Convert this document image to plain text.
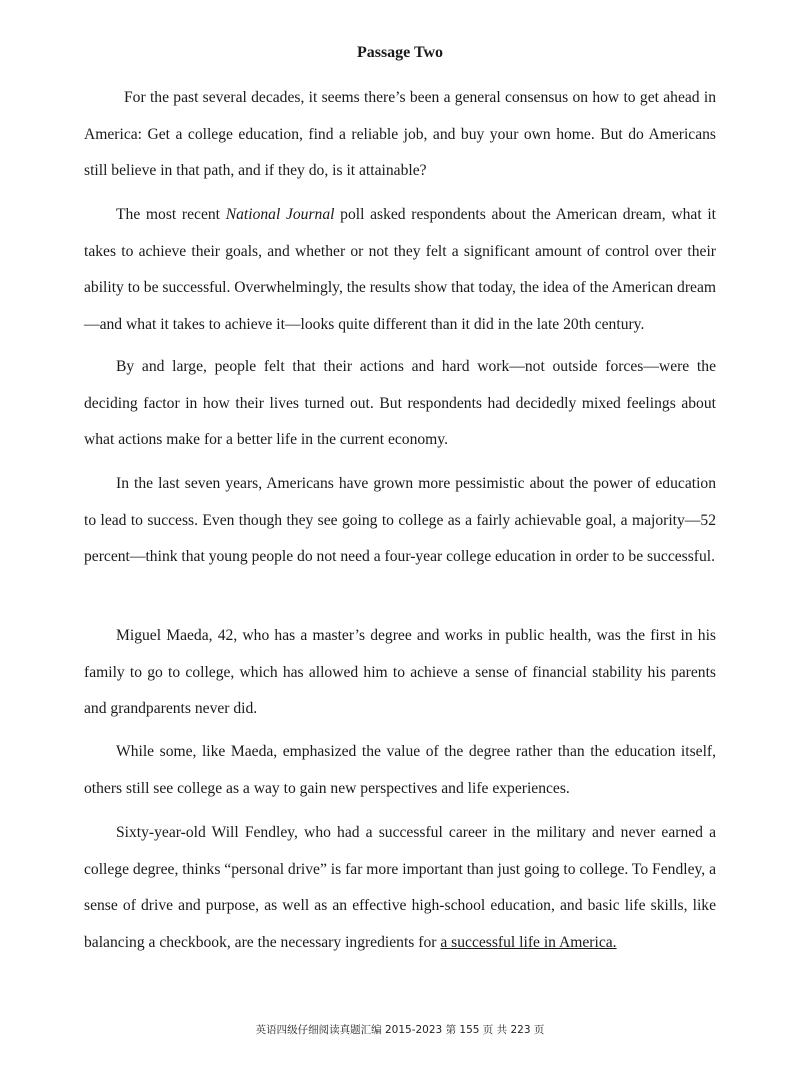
Passage Two

For the past several decades, it seems there’s been a general consensus on how to get ahead in America: Get a college education, find a reliable job, and buy your own home. But do Americans still believe in that path, and if they do, is it attainable?

The most recent National Journal poll asked respondents about the American dream, what it takes to achieve their goals, and whether or not they felt a significant amount of control over their ability to be successful. Overwhelmingly, the results show that today, the idea of the American dream—and what it takes to achieve it—looks quite different than it did in the late 20th century.

By and large, people felt that their actions and hard work—not outside forces—were the deciding factor in how their lives turned out. But respondents had decidedly mixed feelings about what actions make for a better life in the current economy.

In the last seven years, Americans have grown more pessimistic about the power of education to lead to success. Even though they see going to college as a fairly achievable goal, a majority—52 percent—think that young people do not need a four-year college education in order to be successful.

Miguel Maeda, 42, who has a master’s degree and works in public health, was the first in his family to go to college, which has allowed him to achieve a sense of financial stability his parents and grandparents never did.

While some, like Maeda, emphasized the value of the degree rather than the education itself, others still see college as a way to gain new perspectives and life experiences.

Sixty-year-old Will Fendley, who had a successful career in the military and never earned a college degree, thinks “personal drive” is far more important than just going to college. To Fendley, a sense of drive and purpose, as well as an effective high-school education, and basic life skills, like balancing a checkbook, are the necessary ingredients for a successful life in America.

英语四级仔细阅读真题汇编 2015-2023 第 155 页 共 223 页
